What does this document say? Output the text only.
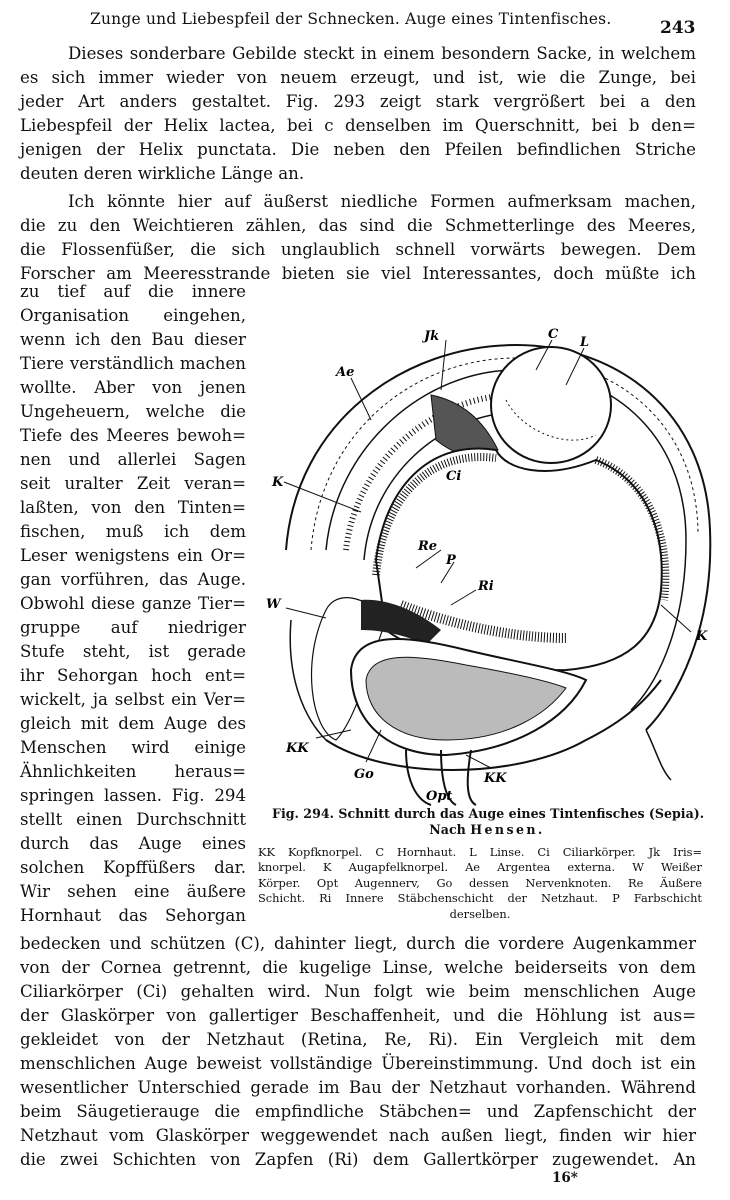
Zunge und Liebespfeil der Schnecken. Auge eines Tintenfisches.	243
Dieses sonderbare Gebilde steckt in einem besondern Sacke, in welchem
es sich immer wieder von neuem erzeugt, und ist, wie die Zunge, bei
jeder Art anders gestaltet. Fig. 293 zeigt stark vergrößert bei a den
Liebespfeil der Helix lactea, bei c denselben im Querschnitt, bei b den=
jenigen der Helix punctata. Die neben den Pfeilen befindlichen Striche
deuten deren wirkliche Länge an.
Ich könnte hier auf äußerst niedliche Formen aufmerksam machen,
die zu den Weichtieren zählen, das sind die Schmetterlinge des Meeres,
die Flossenfüßer, die sich unglaublich schnell vorwärts bewegen. Dem
Forscher am Meeresstrande bieten sie viel Interessantes, doch müßte ich
zu tief auf die innere
Organisation eingehen,
wenn ich den Bau dieser
Tiere verständlich machen
wollte. Aber von jenen
Ungeheuern, welche die
Tiefe des Meeres bewoh=
nen und allerlei Sagen
seit uralter Zeit veran=
laßten, von den Tinten=
fischen, muß ich dem
Leser wenigstens ein Or=
gan vorführen, das Auge.
Obwohl diese ganze Tier=
gruppe auf niedriger
Stufe steht, ist gerade
ihr Sehorgan hoch ent=
wickelt, ja selbst ein Ver=
gleich mit dem Auge des
Menschen wird einige
Ähnlichkeiten heraus=
springen lassen. Fig. 294
stellt einen Durchschnitt
durch das Auge eines
solchen Kopffüßers dar.
Wir sehen eine äußere
Hornhaut das Sehorgan
Jk	C
L
Ae
Ci
K
Re
P
Ri
W
K
KK
KK
Go
Opt
Fig. 294. Schnitt durch das Auge eines Tintenfisches (Sepia).
Nach Hensen.
KK Kopfknorpel. C Hornhaut. L Linse. Ci Ciliarkörper. Jk Iris=
knorpel. K Augapfelknorpel. Ae Argentea externa. W Weißer
Körper. Opt Augennerv, Go dessen Nervenknoten. Re Äußere
Schicht. Ri Innere Stäbchenschicht der Netzhaut. P Farbschicht
derselben.
bedecken und schützen (C), dahinter liegt, durch die vordere Augenkammer
von der Cornea getrennt, die kugelige Linse, welche beiderseits von dem
Ciliarkörper (Ci) gehalten wird. Nun folgt wie beim menschlichen Auge
der Glaskörper von gallertiger Beschaffenheit, und die Höhlung ist aus=
gekleidet von der Netzhaut (Retina, Re, Ri). Ein Vergleich mit dem
menschlichen Auge beweist vollständige Übereinstimmung. Und doch ist ein
wesentlicher Unterschied gerade im Bau der Netzhaut vorhanden. Während
beim Säugetierauge die empfindliche Stäbchen= und Zapfenschicht der
Netzhaut vom Glaskörper weggewendet nach außen liegt, finden wir hier
die zwei Schichten von Zapfen (Ri) dem Gallertkörper zugewendet. An
16*
